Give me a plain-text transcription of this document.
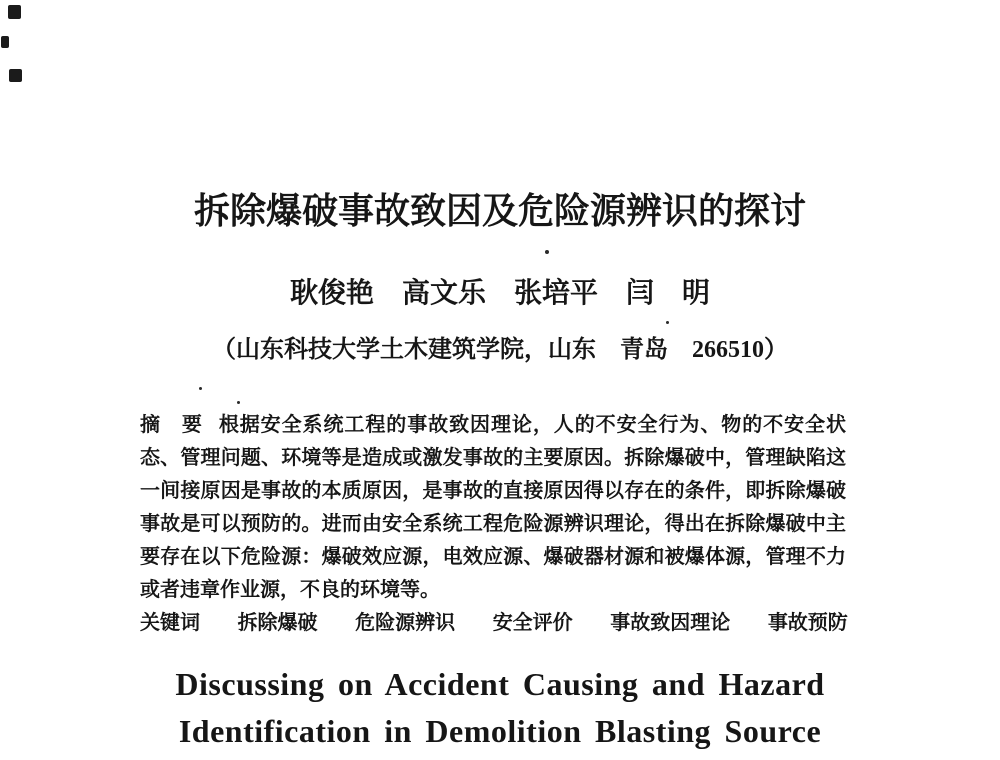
拆除爆破事故致因及危险源辨识的探讨
耿俊艳　高文乐　张培平　闫　明
（山东科技大学土木建筑学院，山东　青岛　266510）
摘　要 根据安全系统工程的事故致因理论，人的不安全行为、物的不安全状
态、管理问题、环境等是造成或激发事故的主要原因。拆除爆破中，管理缺陷这
一间接原因是事故的本质原因，是事故的直接原因得以存在的条件，即拆除爆破
事故是可以预防的。进而由安全系统工程危险源辨识理论，得出在拆除爆破中主
要存在以下危险源：爆破效应源，电效应源、爆破器材源和被爆体源，管理不力
或者违章作业源，不良的环境等。
关键词 拆除爆破 危险源辨识 安全评价 事故致因理论 事故预防
Discussing on Accident Causing and Hazard
Identification in Demolition Blasting Source
